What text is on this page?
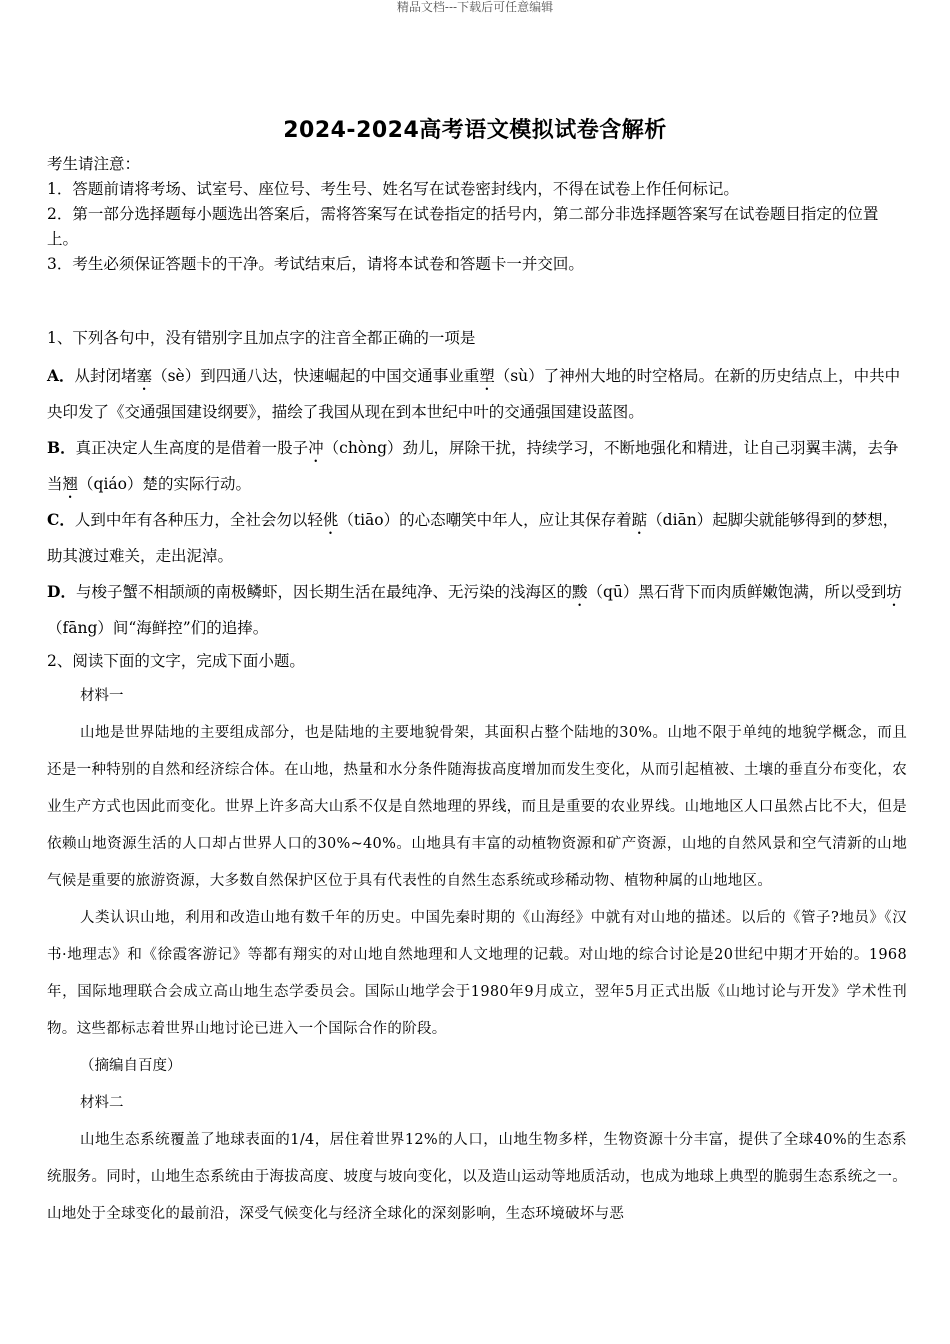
精品文档---下载后可任意编辑
2024-2024高考语文模拟试卷含解析

考生请注意：

1．答题前请将考场、试室号、座位号、考生号、姓名写在试卷密封线内，不得在试卷上作任何标记。

2．第一部分选择题每小题选出答案后，需将答案写在试卷指定的括号内，第二部分非选择题答案写在试卷题目指定的位置上。

3．考生必须保证答题卡的干净。考试结束后，请将本试卷和答题卡一并交回。

1、下列各句中，没有错别字且加点字的注音全都正确的一项是

A．从封闭堵塞（sè）到四通八达，快速崛起的中国交通事业重塑（sù）了神州大地的时空格局。在新的历史结点上，中共中央印发了《交通强国建设纲要》，描绘了我国从现在到本世纪中叶的交通强国建设蓝图。

B．真正决定人生高度的是借着一股子冲（chòng）劲儿，屏除干扰，持续学习，不断地强化和精进，让自己羽翼丰满，去争当翘（qiáo）楚的实际行动。

C．人到中年有各种压力，全社会勿以轻佻（tiāo）的心态嘲笑中年人，应让其保存着踮（diān）起脚尖就能够得到的梦想，助其渡过难关，走出泥淖。

D．与梭子蟹不相颉颃的南极鳞虾，因长期生活在最纯净、无污染的浅海区的黢（qū）黑石背下而肉质鲜嫩饱满，所以受到坊（fāng）间“海鲜控”们的追捧。

2、阅读下面的文字，完成下面小题。

材料一

山地是世界陆地的主要组成部分，也是陆地的主要地貌骨架，其面积占整个陆地的30%。山地不限于单纯的地貌学概念，而且还是一种特别的自然和经济综合体。在山地，热量和水分条件随海拔高度增加而发生变化，从而引起植被、土壤的垂直分布变化，农业生产方式也因此而变化。世界上许多高大山系不仅是自然地理的界线，而且是重要的农业界线。山地地区人口虽然占比不大，但是依赖山地资源生活的人口却占世界人口的30%~40%。山地具有丰富的动植物资源和矿产资源，山地的自然风景和空气清新的山地气候是重要的旅游资源，大多数自然保护区位于具有代表性的自然生态系统或珍稀动物、植物种属的山地地区。

人类认识山地，利用和改造山地有数千年的历史。中国先秦时期的《山海经》中就有对山地的描述。以后的《管子?地员》《汉书·地理志》和《徐霞客游记》等都有翔实的对山地自然地理和人文地理的记载。对山地的综合讨论是20世纪中期才开始的。1968年，国际地理联合会成立高山地生态学委员会。国际山地学会于1980年9月成立，翌年5月正式出版《山地讨论与开发》学术性刊物。这些都标志着世界山地讨论已进入一个国际合作的阶段。

（摘编自百度）

材料二

山地生态系统覆盖了地球表面的1/4，居住着世界12%的人口，山地生物多样，生物资源十分丰富，提供了全球40%的生态系统服务。同时，山地生态系统由于海拔高度、坡度与坡向变化，以及造山运动等地质活动，也成为地球上典型的脆弱生态系统之一。山地处于全球变化的最前沿，深受气候变化与经济全球化的深刻影响，生态环境破坏与恶
